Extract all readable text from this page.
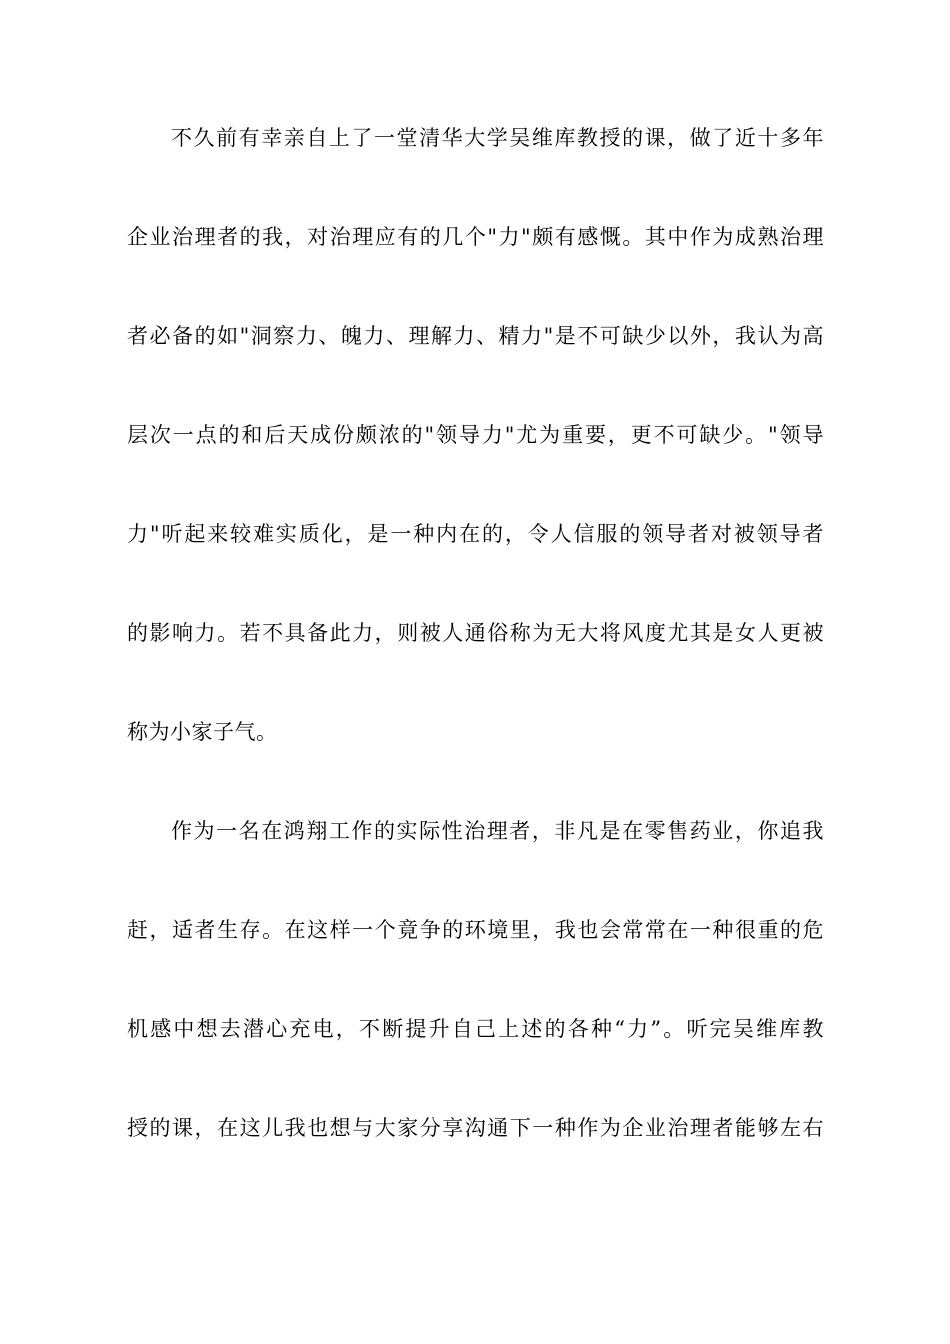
不久前有幸亲自上了一堂清华大学吴维库教授的课，做了近十多年
企业治理者的我，对治理应有的几个"力"颇有感慨。其中作为成熟治理
者必备的如"洞察力、魄力、理解力、精力"是不可缺少以外，我认为高
层次一点的和后天成份颇浓的"领导力"尤为重要，更不可缺少。"领导
力"听起来较难实质化，是一种内在的，令人信服的领导者对被领导者
的影响力。若不具备此力，则被人通俗称为无大将风度尤其是女人更被
称为小家子气。
作为一名在鸿翔工作的实际性治理者，非凡是在零售药业，你追我
赶，适者生存。在这样一个竟争的环境里，我也会常常在一种很重的危
机感中想去潜心充电，不断提升自己上述的各种“力”。听完吴维库教
授的课，在这儿我也想与大家分享沟通下一种作为企业治理者能够左右
